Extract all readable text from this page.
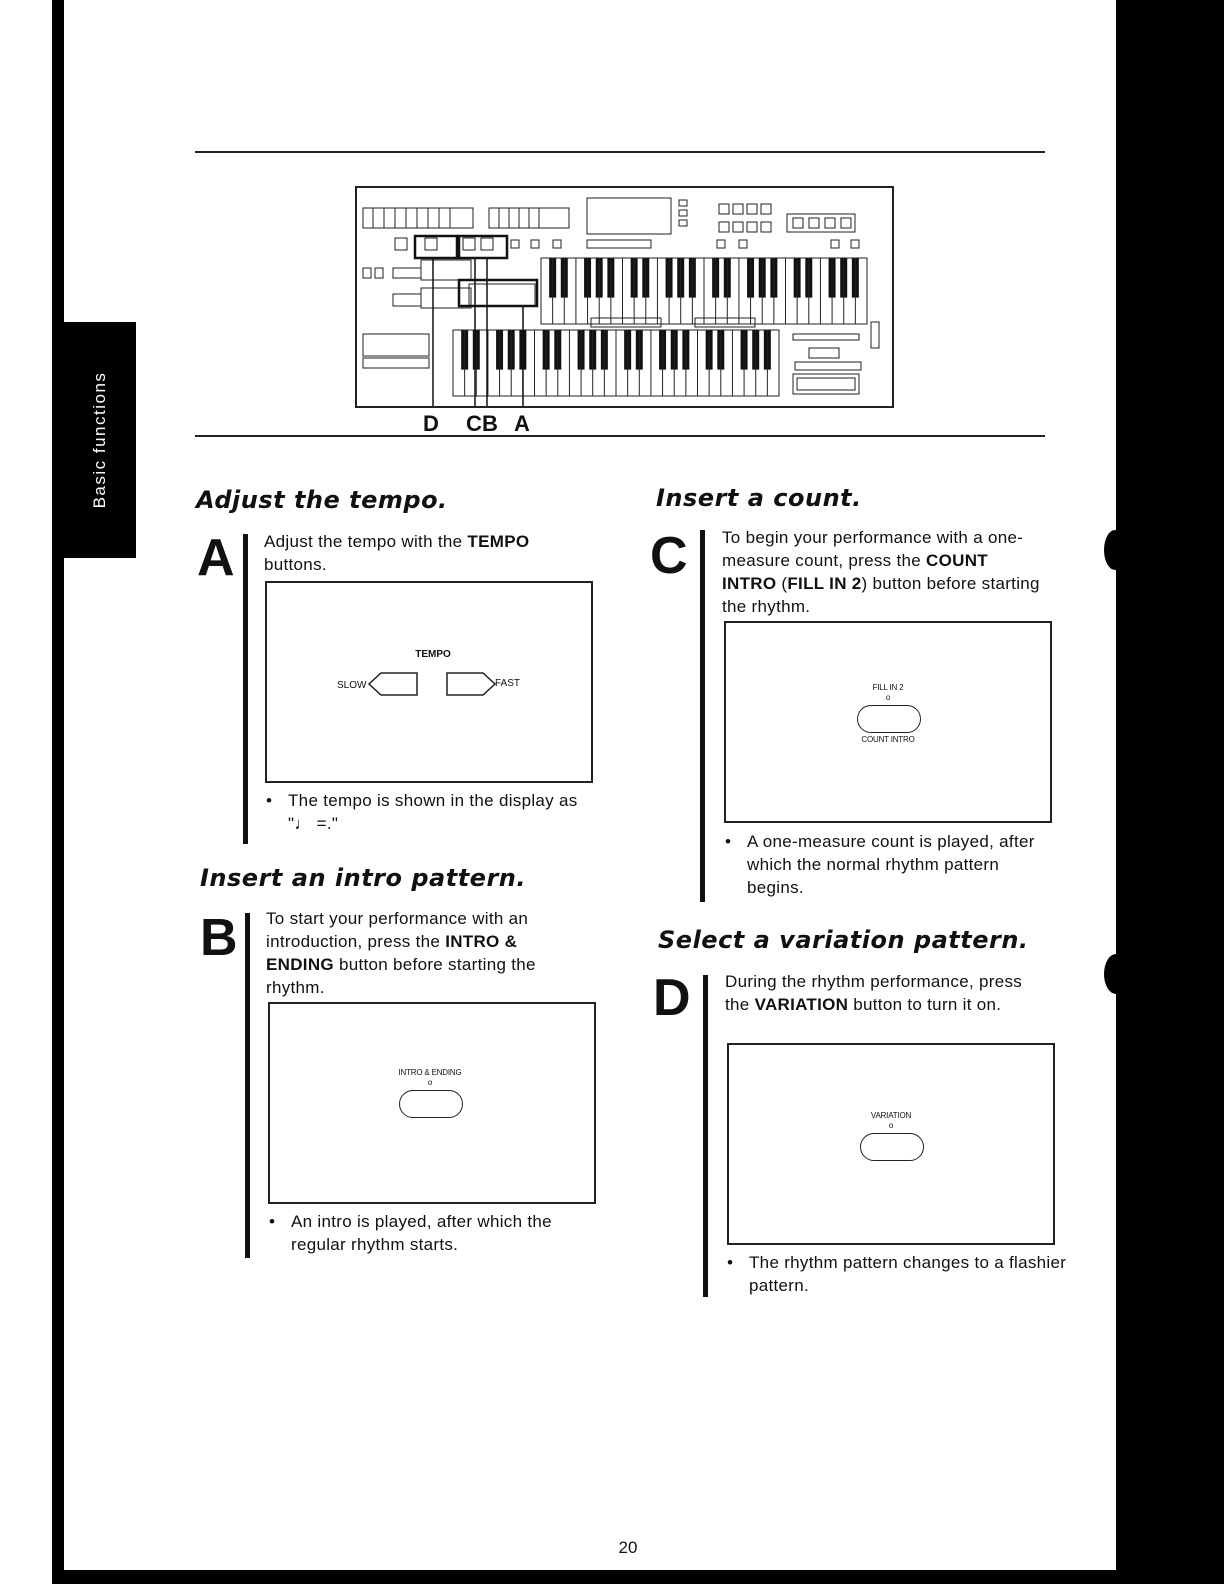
Basic functions	D C B A
Adjust the tempo.
A Adjust the tempo with the TEMPO buttons.
TEMPO
SLOW	FAST
• The tempo is shown in the display as "♩ =."
Insert an intro pattern.
B To start your performance with an introduction, press the INTRO & ENDING button before starting the rhythm.
INTRO & ENDING
o
• An intro is played, after which the regular rhythm starts.
Insert a count.
C To begin your performance with a one-measure count, press the COUNT INTRO (FILL IN 2) button before starting the rhythm.
FILL IN 2
o
COUNT INTRO
• A one-measure count is played, after which the normal rhythm pattern begins.
Select a variation pattern.
D During the rhythm performance, press the VARIATION button to turn it on.
VARIATION
o
• The rhythm pattern changes to a flashier pattern.
20
